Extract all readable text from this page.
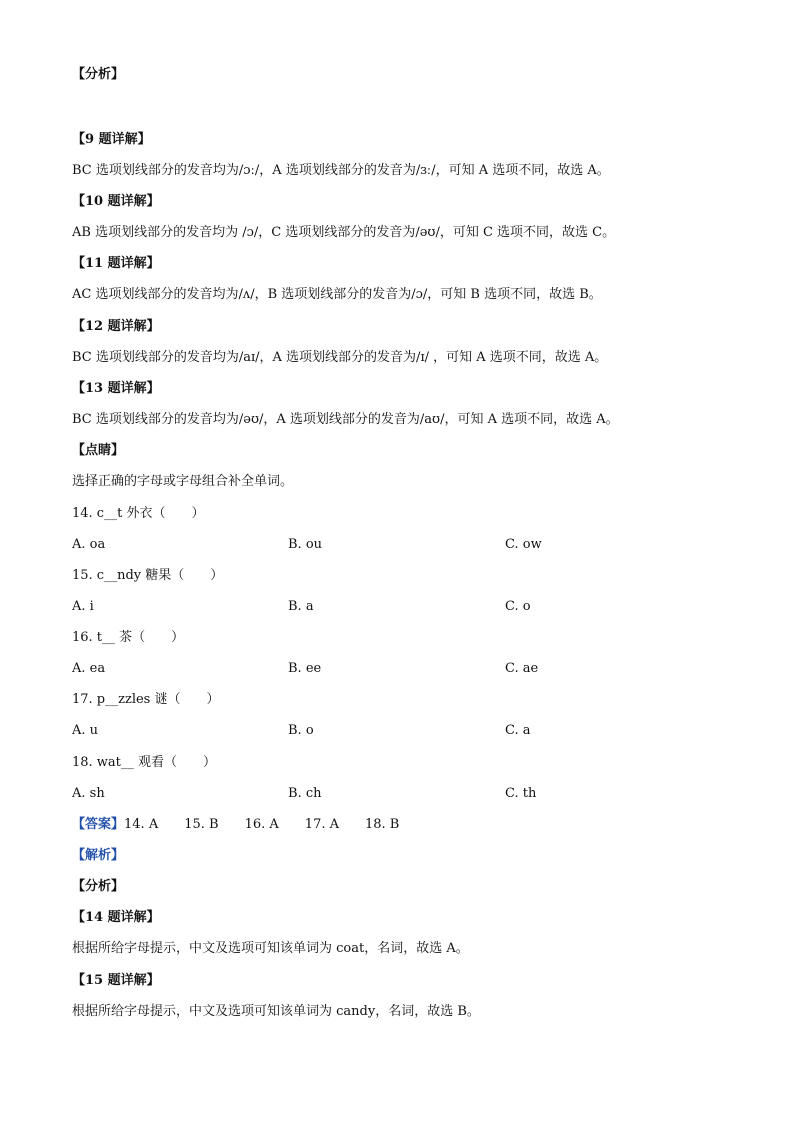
【分析】
【9 题详解】
BC 选项划线部分的发音均为/ɔː/，A 选项划线部分的发音为/ɜː/，可知 A 选项不同，故选 A。
【10 题详解】
AB 选项划线部分的发音均为 /ɔ/，C 选项划线部分的发音为/əʊ/，可知 C 选项不同，故选 C。
【11 题详解】
AC 选项划线部分的发音均为/ʌ/，B 选项划线部分的发音为/ɔ/，可知 B 选项不同，故选 B。
【12 题详解】
BC 选项划线部分的发音均为/aɪ/，A 选项划线部分的发音为/ɪ/ ，可知 A 选项不同，故选 A。
【13 题详解】
BC 选项划线部分的发音均为/əʊ/，A 选项划线部分的发音为/aʊ/，可知 A 选项不同，故选 A。
【点睛】
选择正确的字母或字母组合补全单词。
14. c__t 外衣（　　）
A. oa	B. ou	C. ow
15. c__ndy 糖果（　　）
A. i	B. a	C. o
16. t__ 茶（　　）
A. ea	B. ee	C. ae
17. p__zzles 谜（　　）
A. u	B. o	C. a
18. wat__ 观看（　　）
A. sh	B. ch	C. th
【答案】14. A 15. B 16. A 17. A 18. B
【解析】
【分析】
【14 题详解】
根据所给字母提示，中文及选项可知该单词为 coat，名词，故选 A。
【15 题详解】
根据所给字母提示，中文及选项可知该单词为 candy，名词，故选 B。
